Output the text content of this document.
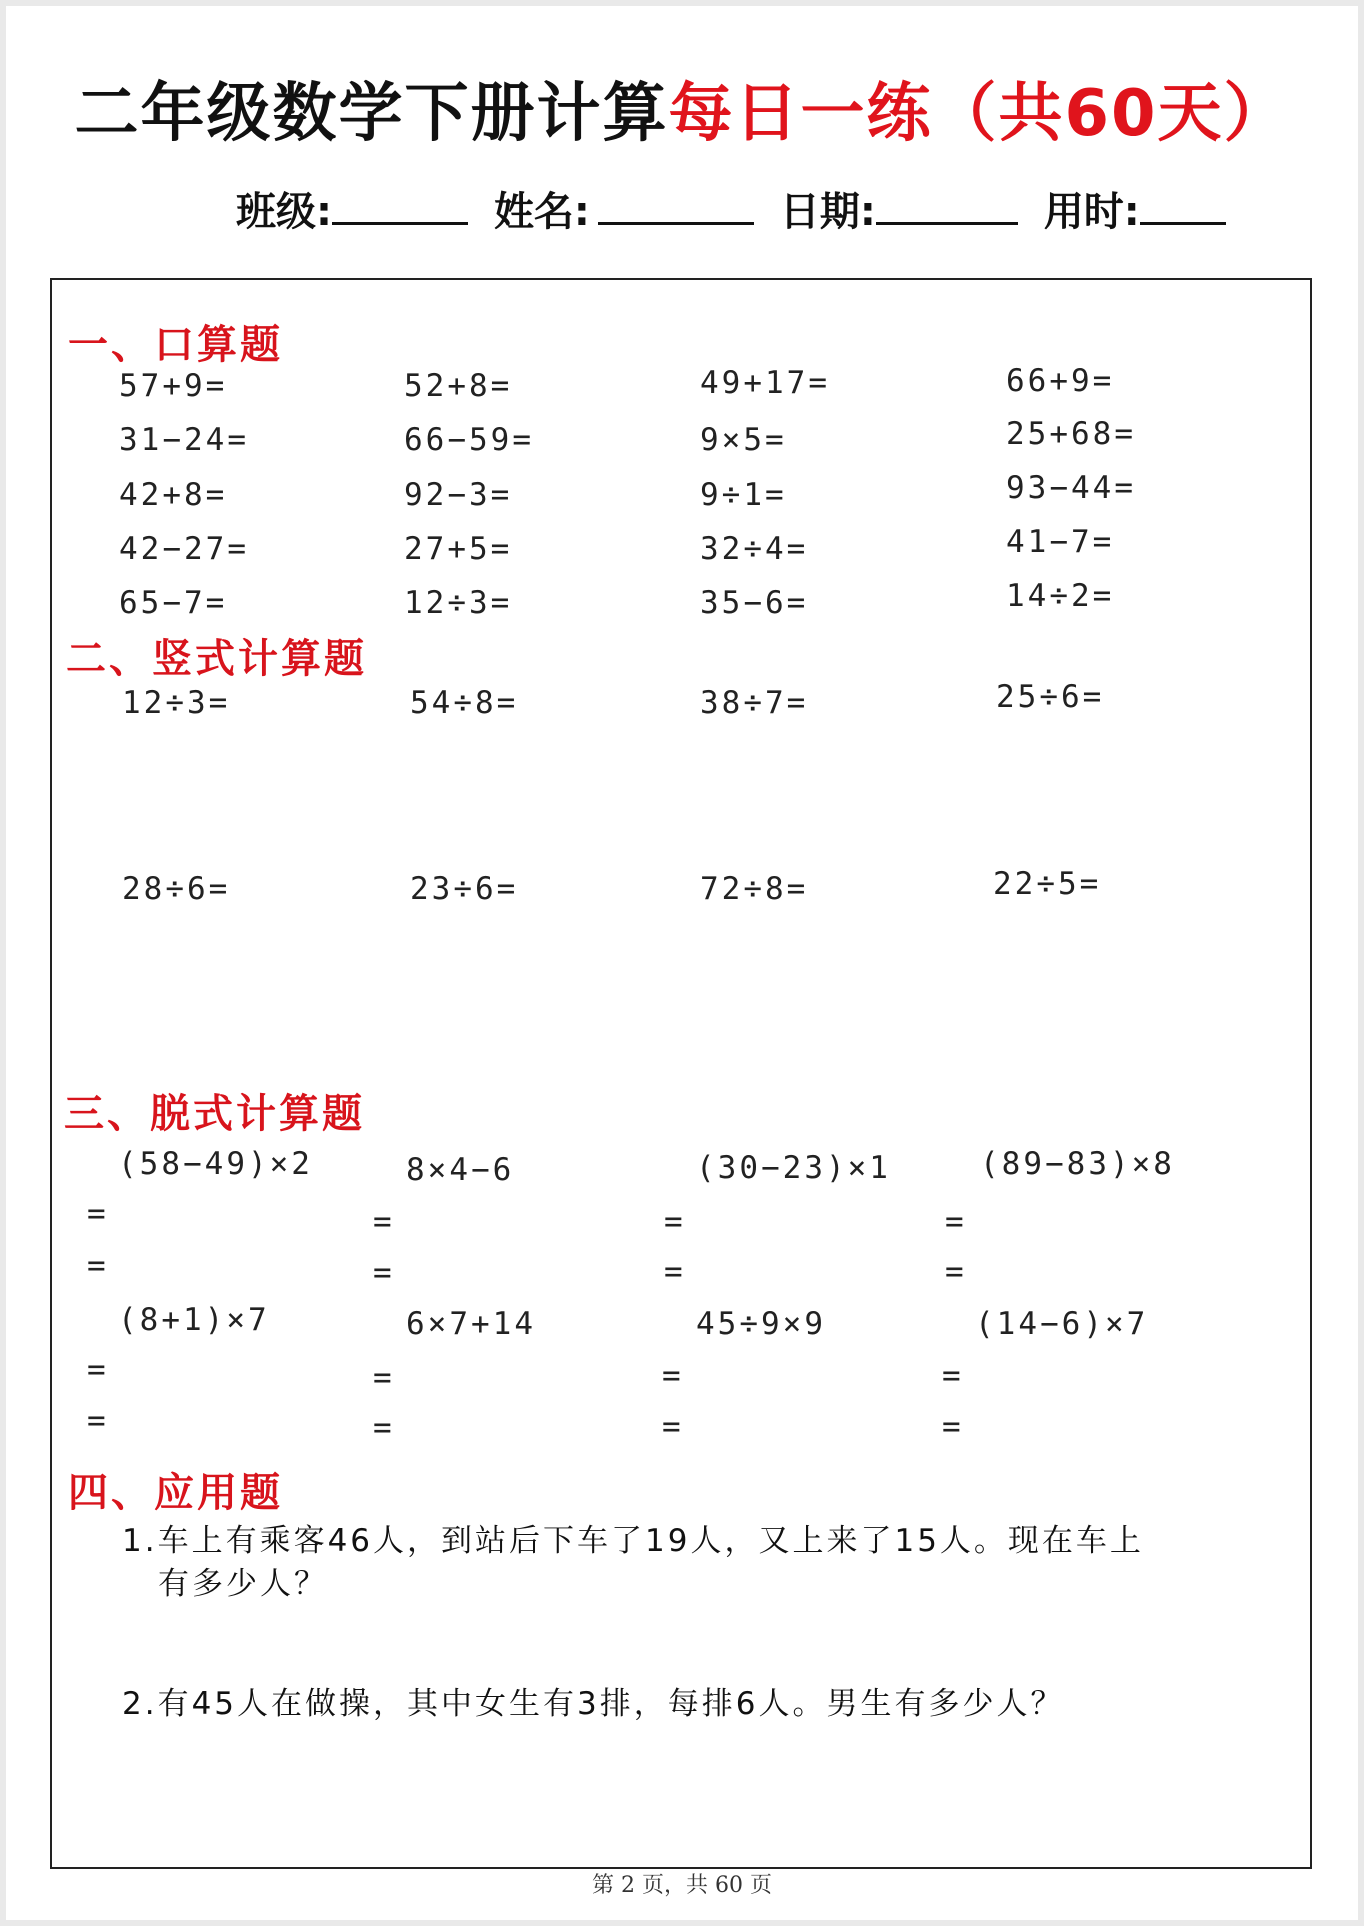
二年级数学下册计算每日一练（共60天）
班级:	姓名:	日期:	用时:
一、口算题
57+9=	52+8=	49+17=	66+9=
31−24=	66−59=	9×5=	25+68=
42+8=	92−3=	9÷1=	93−44=
42−27=	27+5=	32÷4=	41−7=
65−7=	12÷3=	35−6=	14÷2=
二、竖式计算题
12÷3=	54÷8=	38÷7=	25÷6=
28÷6=	23÷6=	72÷8=	22÷5=
三、脱式计算题
(58−49)×2	8×4−6	(30−23)×1	(89−83)×8
=	=	=	=
=	=	=	=
(8+1)×7	6×7+14	45÷9×9	(14−6)×7
=	=	=	=
=	=	=	=
四、应用题
1.车上有乘客46人，到站后下车了19人，又上来了15人。现在车上
有多少人？
2.有45人在做操，其中女生有3排，每排6人。男生有多少人？
第 2 页，共 60 页
